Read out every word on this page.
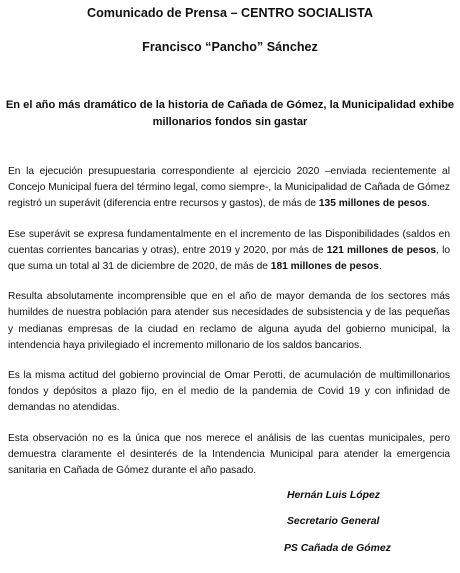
Comunicado de Prensa – CENTRO SOCIALISTA
Francisco “Pancho” Sánchez
En el año más dramático de la historia de Cañada de Gómez, la Municipalidad exhibe millonarios fondos sin gastar

En la ejecución presupuestaria correspondiente al ejercicio 2020 –enviada recientemente al Concejo Municipal fuera del término legal, como siempre-, la Municipalidad de Cañada de Gómez registró un superávit (diferencia entre recursos y gastos), de más de 135 millones de pesos.

Ese superávit se expresa fundamentalmente en el incremento de las Disponibilidades (saldos en cuentas corrientes bancarias y otras), entre 2019 y 2020, por más de 121 millones de pesos, lo que suma un total al 31 de diciembre de 2020, de más de 181 millones de pesos.

Resulta absolutamente incomprensible que en el año de mayor demanda de los sectores más humildes de nuestra población para atender sus necesidades de subsistencia y de las pequeñas y medianas empresas de la ciudad en reclamo de alguna ayuda del gobierno municipal, la intendencia haya privilegiado el incremento millonario de los saldos bancarios.

Es la misma actitud del gobierno provincial de Omar Perotti, de acumulación de multimillonarios fondos y depósitos a plazo fijo, en el medio de la pandemia de Covid 19 y con infinidad de demandas no atendidas.

Esta observación no es la única que nos merece el análisis de las cuentas municipales, pero demuestra claramente el desinterés de la Intendencia Municipal para atender la emergencia sanitaria en Cañada de Gómez durante el año pasado.

Hernán Luis López
Secretario General
PS Cañada de Gómez
